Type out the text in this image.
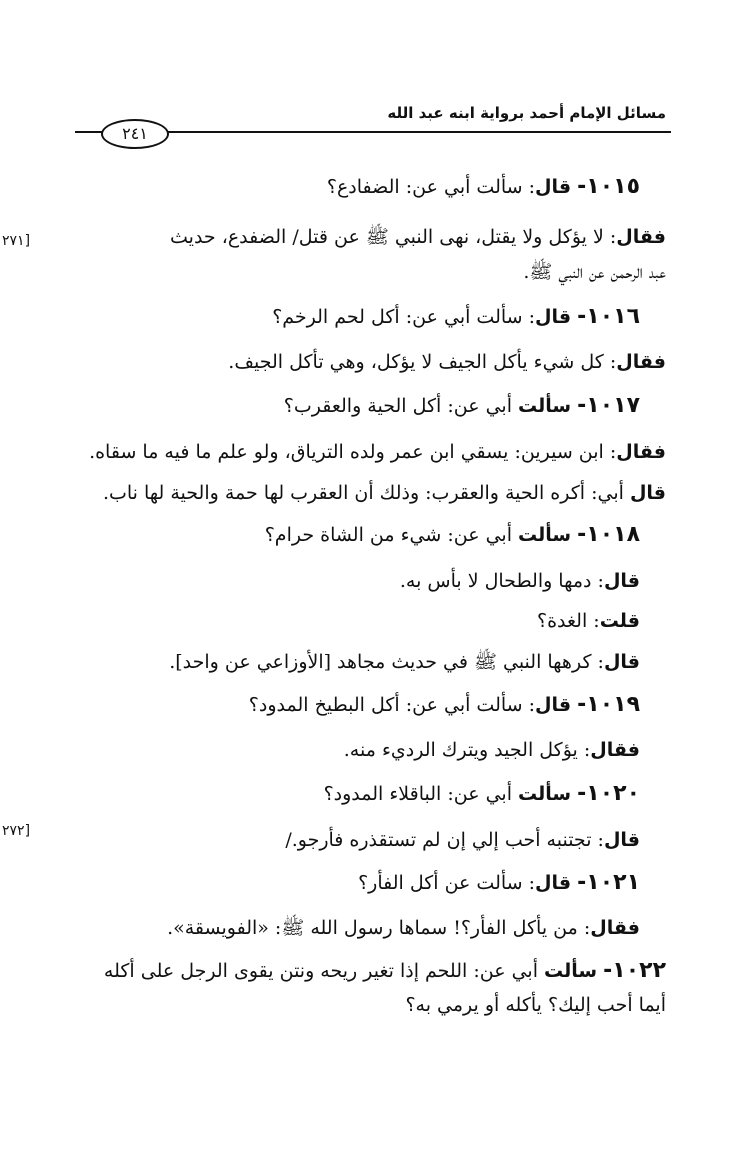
مسائل الإمام أحمد برواية ابنه عبد الله
٢٤١
[٢٧١
[٢٧٢
١٠١٥- قال: سألت أبي عن: الضفادع؟
فقال: لا يؤكل ولا يقتل، نهى النبي ﷺ عن قتل/ الضفدع، حديث
عبد الرحمن عن النبي ﷺ.
١٠١٦- قال: سألت أبي عن: أكل لحم الرخم؟
فقال: كل شيء يأكل الجيف لا يؤكل، وهي تأكل الجيف.
١٠١٧- سألت أبي عن: أكل الحية والعقرب؟
فقال: ابن سيرين: يسقي ابن عمر ولده الترياق، ولو علم ما فيه ما سقاه.
قال أبي: أكره الحية والعقرب: وذلك أن العقرب لها حمة والحية لها ناب.
١٠١٨- سألت أبي عن: شيء من الشاة حرام؟
قال: دمها والطحال لا بأس به.
قلت: الغدة؟
قال: كرهها النبي ﷺ في حديث مجاهد [الأوزاعي عن واحد].
١٠١٩- قال: سألت أبي عن: أكل البطيخ المدود؟
فقال: يؤكل الجيد ويترك الرديء منه.
١٠٢٠- سألت أبي عن: الباقلاء المدود؟
قال: تجتنبه أحب إلي إن لم تستقذره فأرجو./
١٠٢١- قال: سألت عن أكل الفأر؟
فقال: من يأكل الفأر؟! سماها رسول الله ﷺ: «الفويسقة».
١٠٢٢- سألت أبي عن: اللحم إذا تغير ريحه ونتن يقوى الرجل على أكله
أيما أحب إليك؟ يأكله أو يرمي به؟
